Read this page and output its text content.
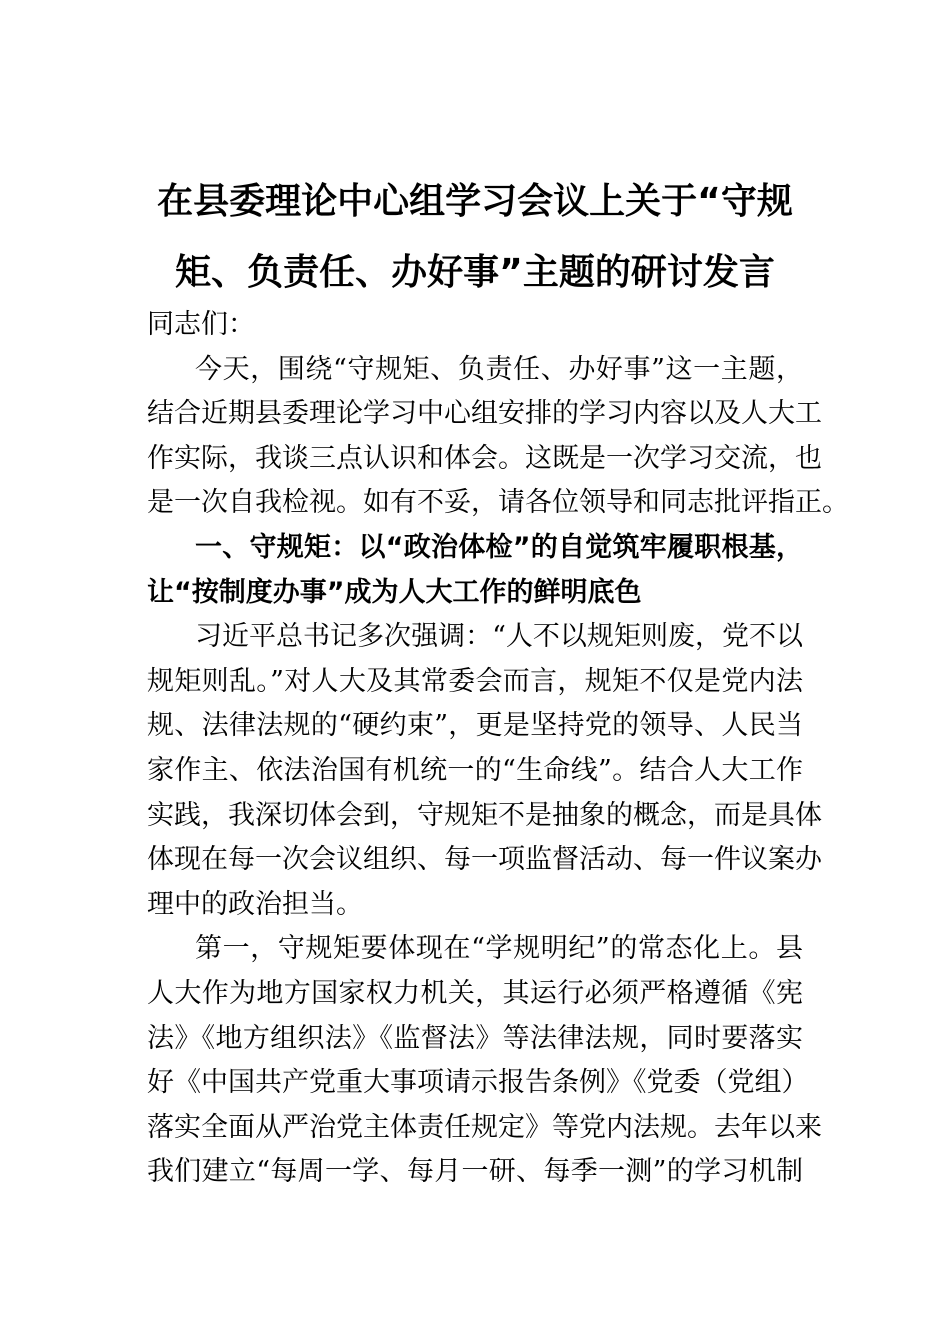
在县委理论中心组学习会议上关于“守规
矩、负责任、办好事”主题的研讨发言
同志们：
今天，围绕“守规矩、负责任、办好事”这一主题，
结合近期县委理论学习中心组安排的学习内容以及人大工
作实际，我谈三点认识和体会。这既是一次学习交流，也
是一次自我检视。如有不妥，请各位领导和同志批评指正。
一、守规矩：以“政治体检”的自觉筑牢履职根基，
让“按制度办事”成为人大工作的鲜明底色
习近平总书记多次强调：“人不以规矩则废，党不以
规矩则乱。”对人大及其常委会而言，规矩不仅是党内法
规、法律法规的“硬约束”，更是坚持党的领导、人民当
家作主、依法治国有机统一的“生命线”。结合人大工作
实践，我深切体会到，守规矩不是抽象的概念，而是具体
体现在每一次会议组织、每一项监督活动、每一件议案办
理中的政治担当。
第一，守规矩要体现在“学规明纪”的常态化上。县
人大作为地方国家权力机关，其运行必须严格遵循《宪
法》《地方组织法》《监督法》等法律法规，同时要落实
好《中国共产党重大事项请示报告条例》《党委（党组）
落实全面从严治党主体责任规定》等党内法规。去年以来
我们建立“每周一学、每月一研、每季一测”的学习机制
